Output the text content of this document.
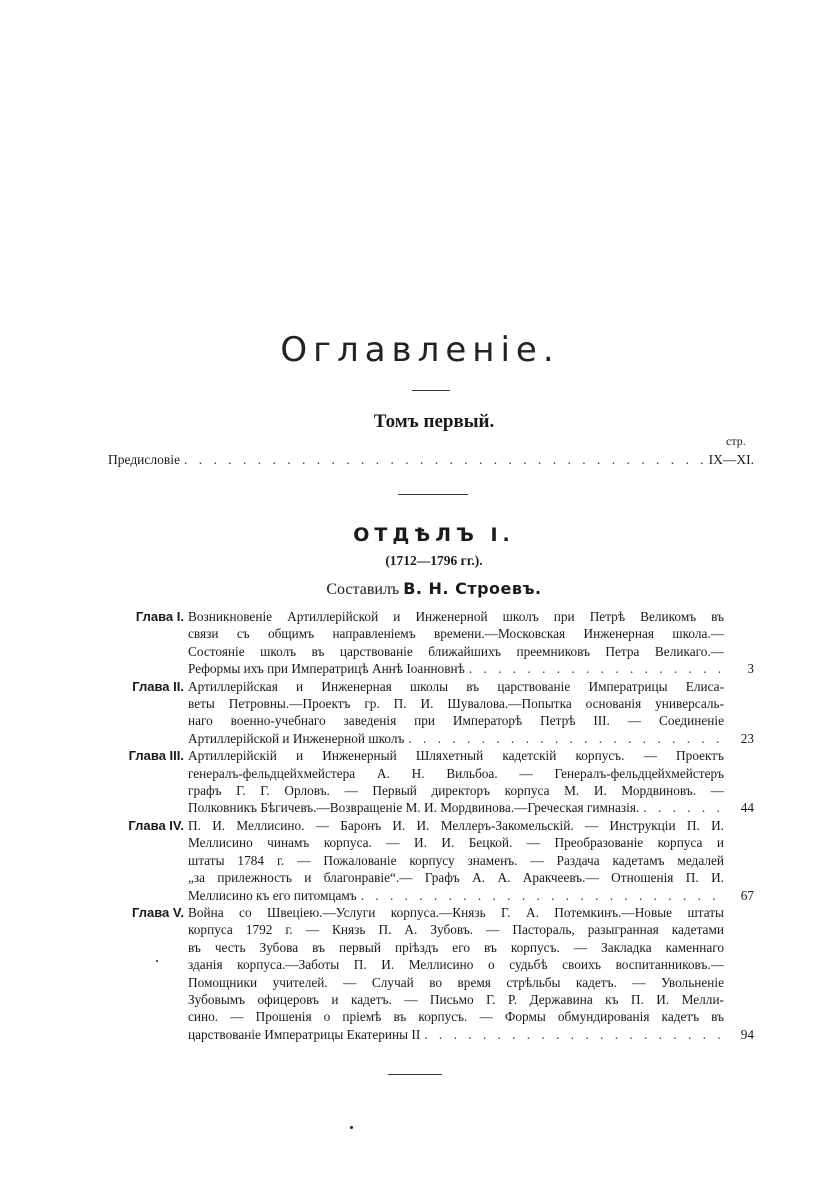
Оглавленіе.
Томъ первый.
стр.
Предисловіе . . .	IX—XI.
ОТДѢЛЪ I.
(1712—1796 гг.).
Составилъ В. Н. Строевъ.
Глава I. Возникновеніе Артиллерійской и Инженерной школъ при Петрѣ Великомъ въ
связи съ общимъ направленіемъ времени.—Московская Инженерная школа.—
Состояніе школъ въ царствованіе ближайшихъ преемниковъ Петра Великаго.—
Реформы ихъ при Императрицѣ Аннѣ Іоанновнѣ . . .	3
Глава II. Артиллерійская и Инженерная школы въ царствованіе Императрицы Елиса-
веты Петровны.—Проектъ гр. П. И. Шувалова.—Попытка основанія универсаль-
наго военно-учебнаго заведенія при Императорѣ Петрѣ III. — Соединеніе
Артиллерійской и Инженерной школъ . . .	23
Глава III. Артиллерійскій и Инженерный Шляхетный кадетскій корпусъ. — Проектъ
генералъ-фельдцейхмейстера А. Н. Вильбоа. — Генералъ-фельдцейхмейстеръ
графъ Г. Г. Орловъ. — Первый директоръ корпуса М. И. Мордвиновъ. —
Полковникъ Бѣгичевъ.—Возвращеніе М. И. Мордвинова.—Греческая гимназія. . . .	44
Глава IV. П. И. Меллисино. — Баронъ И. И. Меллеръ-Закомельскій. — Инструкціи П. И.
Меллисино чинамъ корпуса. — И. И. Бецкой. — Преобразованіе корпуса и
штаты 1784 г. — Пожалованіе корпусу знаменъ. — Раздача кадетамъ медалей
„за прилежность и благонравіе“.— Графъ А. А. Аракчеевъ.— Отношенія П. И.
Меллисино къ его питомцамъ . . .	67
Глава V. Война со Швеціею.—Услуги корпуса.—Князь Г. А. Потемкинъ.—Новые штаты
корпуса 1792 г. — Князь П. А. Зубовъ. — Пастораль, разыгранная кадетами
въ честь Зубова въ первый пріѣздъ его въ корпусъ. — Закладка каменнаго
зданія корпуса.—Заботы П. И. Меллисино о судьбѣ своихъ воспитанниковъ.—
Помощники учителей. — Случай во время стрѣльбы кадетъ. — Увольненіе
Зубовымъ офицеровъ и кадетъ. — Письмо Г. Р. Державина къ П. И. Мелли-
сино. — Прошенія о пріемѣ въ корпусъ. — Формы обмундированія кадетъ въ
царствованіе Императрицы Екатерины II . . .	94
